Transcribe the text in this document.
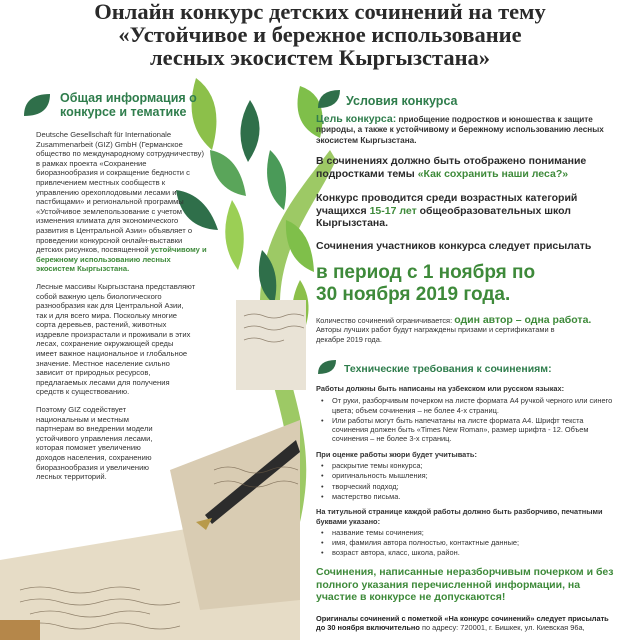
Онлайн конкурс детских сочинений на тему
«Устойчивое и бережное использование
лесных экосистем Кыргызстана»
Общая информация о
конкурсе и тематике
Deutsche Gesellschaft für Internationale Zusammenarbeit (GIZ) GmbH (Германское общество по международному сотрудничеству) в рамках проекта «Сохранение биоразнообразия и сокращение бедности с привлечением местных сообществ к управлению орехоплодовыми лесами и пастбищами» и региональной программы «Устойчивое землепользование с учетом изменения климата для экономического развития в Центральной Азии» объявляет о проведении конкурсной онлайн-выставки детских рисунков, посвященной устойчивому и бережному использованию лесных экосистем Кыргызстана.
Лесные массивы Кыргызстана представляют собой важную цель биологического разнообразия как для Центральной Азии, так и для всего мира. Поскольку многие сорта деревьев, растений, животных издревле произрастали и проживали в этих лесах, сохранение окружающей среды имеет важное национальное и глобальное значение. Местное население сильно зависит от природных ресурсов, предлагаемых лесами для получения средств к существованию.
Поэтому GIZ содействует национальным и местным партнерам во внедрении модели устойчивого управления лесами, которая поможет увеличению доходов населения, сохранению биоразнообразия и увеличению лесных территорий.
Условия конкурса
Цель конкурса: приобщение подростков и юношества к защите природы, а также к устойчивому и бережному использованию лесных экосистем Кыргызстана.
В сочинениях должно быть отображено понимание подростками темы «Как сохранить наши леса?»
Конкурс проводится среди возрастных категорий учащихся 15-17 лет общеобразовательных школ Кыргызстана.
Сочинения участников конкурса следует присылать
в период с 1 ноября по
30 ноября 2019 года.
Количество сочинений ограничивается: один автор – одна работа.
Авторы лучших работ будут награждены призами и сертификатами в декабре 2019 года.
Технические требования к сочинениям:
Работы должны быть написаны на узбекском или русском языках:
• От руки, разборчивым почерком на листе формата А4 ручкой черного или синего цвета; объем сочинения – не более 4-х страниц.
• Или работы могут быть напечатаны на листе формата А4. Шрифт текста сочинения должен быть «Times New Roman», размер шрифта - 12. Объем сочинения – не более 3-х страниц.
При оценке работы жюри будет учитывать:
• раскрытие темы конкурса;
• оригинальность мышления;
• творческий подход;
• мастерство письма.
На титульной странице каждой работы должно быть разборчиво, печатными буквами указано:
• название темы сочинения;
• имя, фамилия автора полностью, контактные данные;
• возраст автора, класс, школа, район.
Сочинения, написанные неразборчивым почерком и без полного указания перечисленной информации, на участие в конкурсе не допускаются!
Оригиналы сочинений с пометкой «На конкурс сочинений» следует присылать до 30 ноября включительно по адресу: 720001, г. Бишкек, ул. Киевская 96а,
